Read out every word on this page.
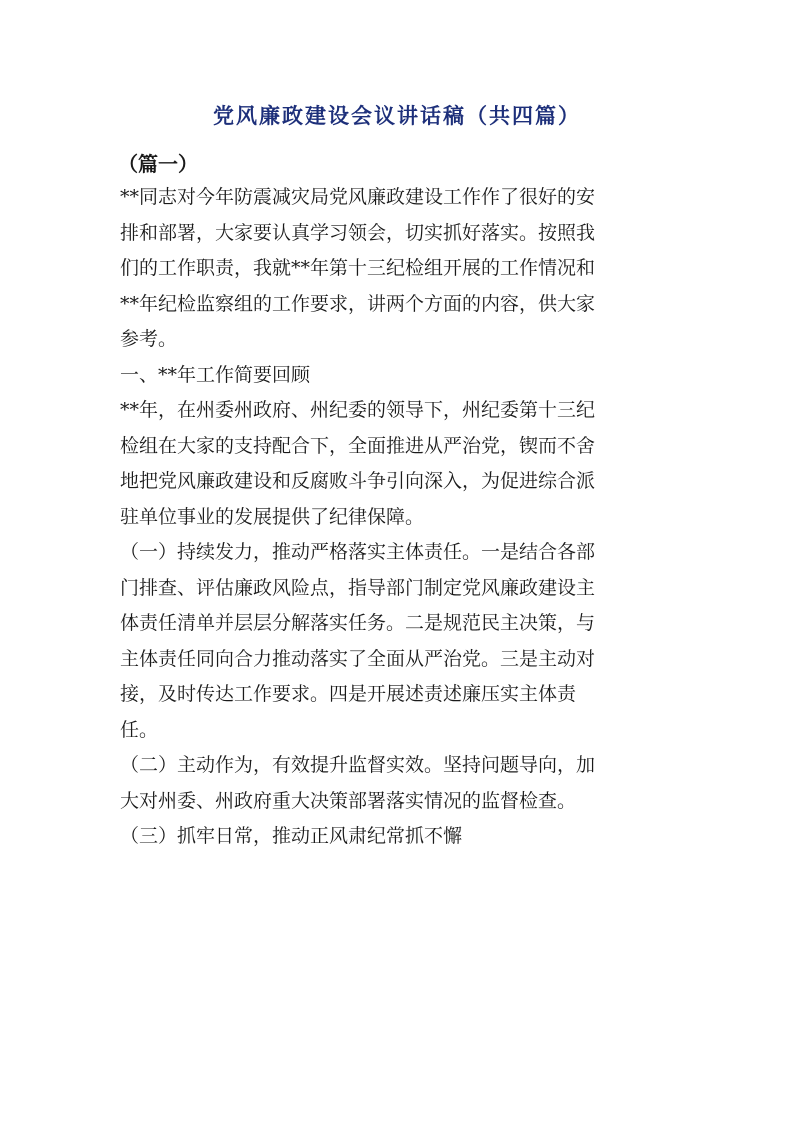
党风廉政建设会议讲话稿（共四篇）
（篇一）
**同志对今年防震减灾局党风廉政建设工作作了很好的安
排和部署，大家要认真学习领会，切实抓好落实。按照我
们的工作职责，我就**年第十三纪检组开展的工作情况和
**年纪检监察组的工作要求，讲两个方面的内容，供大家
参考。
一、**年工作简要回顾
**年，在州委州政府、州纪委的领导下，州纪委第十三纪
检组在大家的支持配合下，全面推进从严治党，锲而不舍
地把党风廉政建设和反腐败斗争引向深入，为促进综合派
驻单位事业的发展提供了纪律保障。
（一）持续发力，推动严格落实主体责任。一是结合各部
门排查、评估廉政风险点，指导部门制定党风廉政建设主
体责任清单并层层分解落实任务。二是规范民主决策，与
主体责任同向合力推动落实了全面从严治党。三是主动对
接，及时传达工作要求。四是开展述责述廉压实主体责
任。
（二）主动作为，有效提升监督实效。坚持问题导向，加
大对州委、州政府重大决策部署落实情况的监督检查。
（三）抓牢日常，推动正风肃纪常抓不懈
